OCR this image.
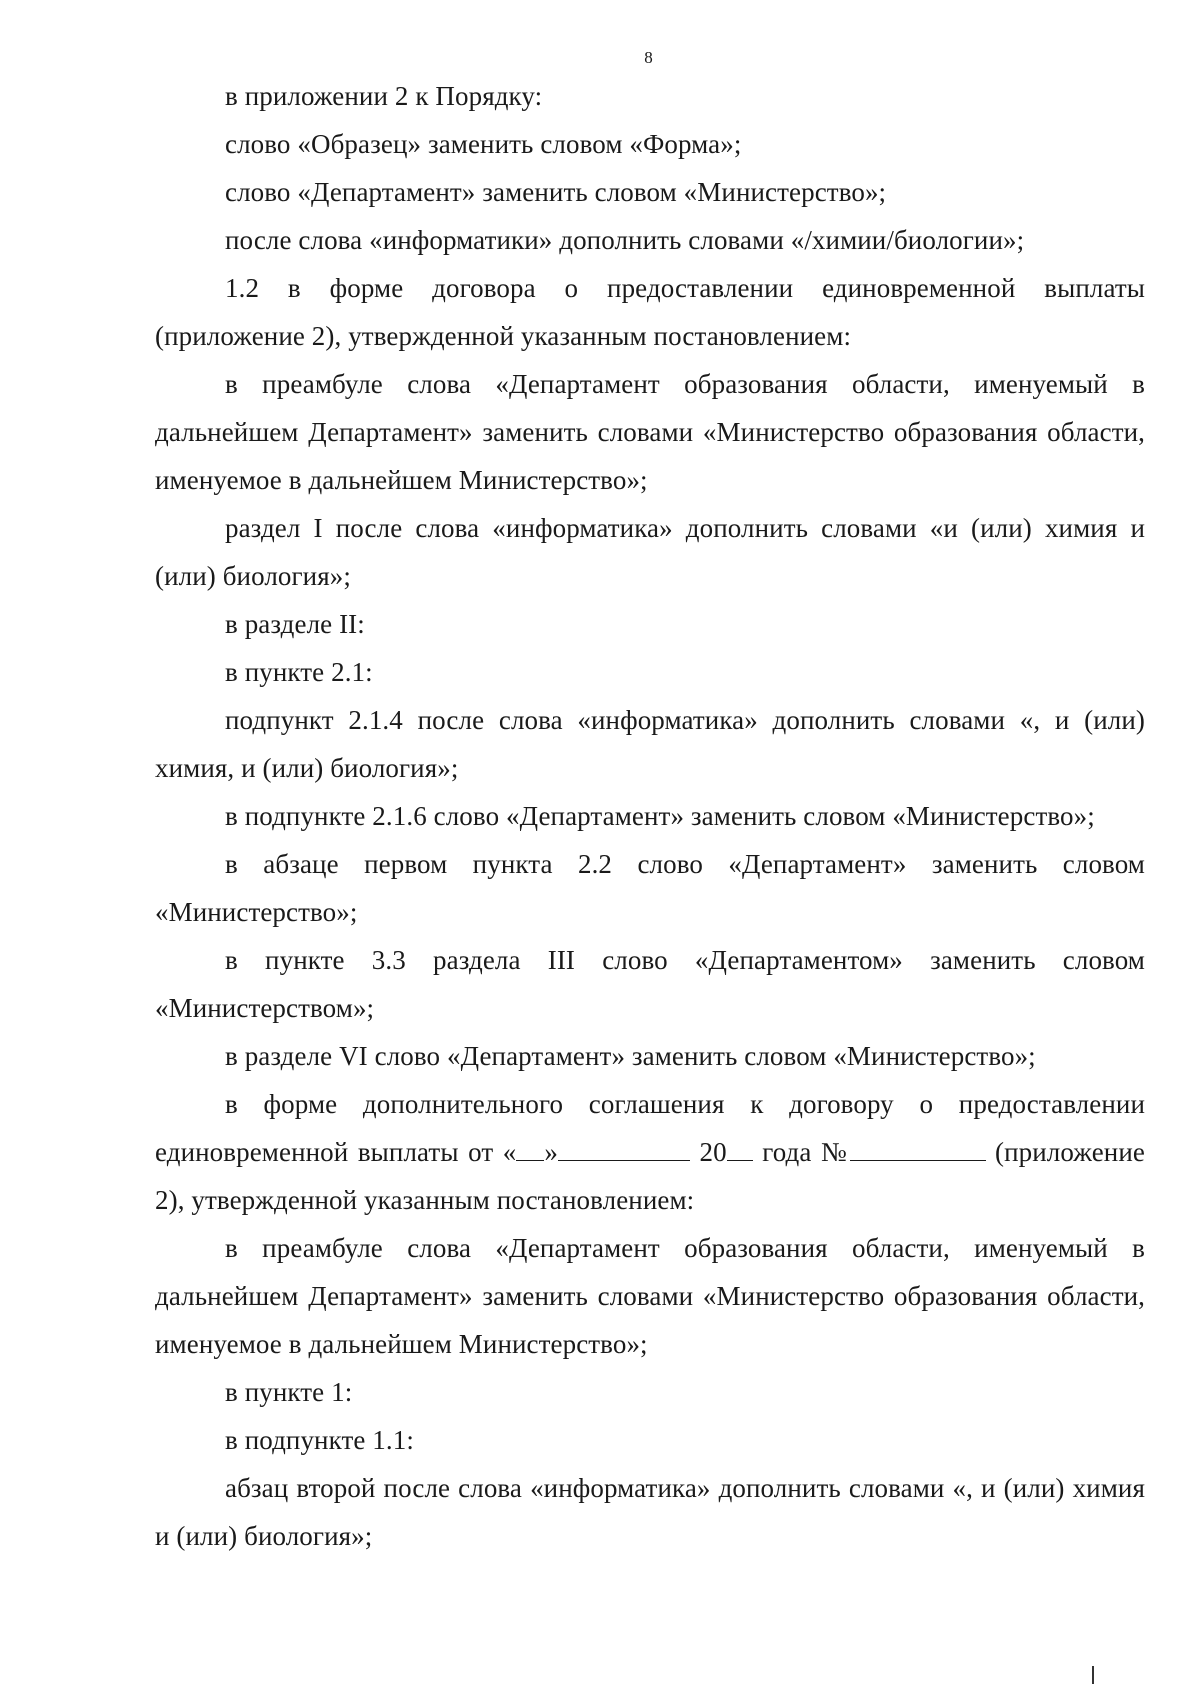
8

в приложении 2 к Порядку:

слово «Образец» заменить словом «Форма»;

слово «Департамент» заменить словом «Министерство»;

после слова «информатики» дополнить словами «/химии/биологии»;

1.2 в форме договора о предоставлении единовременной выплаты (приложение 2), утвержденной указанным постановлением:

в преамбуле слова «Департамент образования области, именуемый в дальнейшем Департамент» заменить словами «Министерство образования области, именуемое в дальнейшем Министерство»;

раздел I после слова «информатика» дополнить словами «и (или) химия и (или) биология»;

в разделе II:

в пункте 2.1:

подпункт 2.1.4 после слова «информатика» дополнить словами «, и (или) химия, и (или) биология»;

в подпункте 2.1.6 слово «Департамент» заменить словом «Министерство»;

в абзаце первом пункта 2.2 слово «Департамент» заменить словом «Министерство»;

в пункте 3.3 раздела III слово «Департаментом» заменить словом «Министерством»;

в разделе VI слово «Департамент» заменить словом «Министерство»;

в форме дополнительного соглашения к договору о предоставлении единовременной выплаты от « »	20 года №	(приложение 2), утвержденной указанным постановлением:

в преамбуле слова «Департамент образования области, именуемый в дальнейшем Департамент» заменить словами «Министерство образования области, именуемое в дальнейшем Министерство»;

в пункте 1:

в подпункте 1.1:

абзац второй после слова «информатика» дополнить словами «, и (или) химия и (или) биология»;
